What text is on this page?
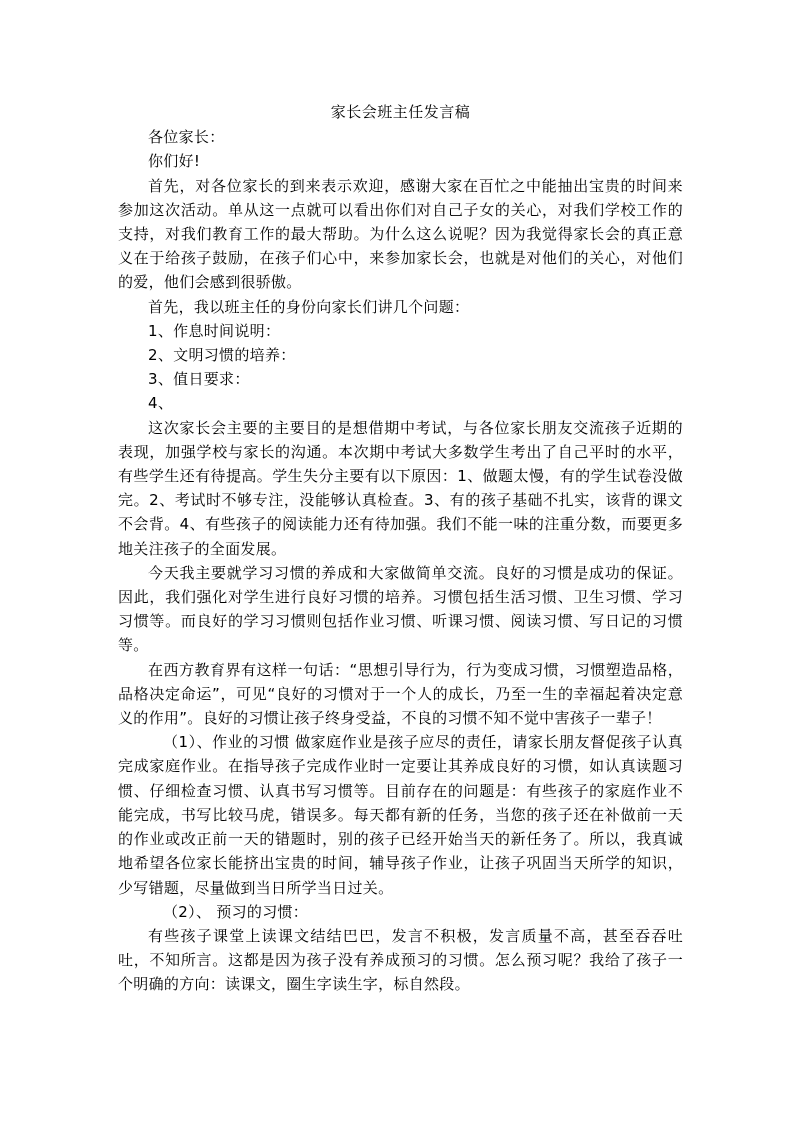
家长会班主任发言稿

各位家长：

你们好!

首先，对各位家长的到来表示欢迎，感谢大家在百忙之中能抽出宝贵的时间来参加这次活动。单从这一点就可以看出你们对自己子女的关心，对我们学校工作的支持，对我们教育工作的最大帮助。为什么这么说呢？因为我觉得家长会的真正意义在于给孩子鼓励，在孩子们心中，来参加家长会，也就是对他们的关心，对他们的爱，他们会感到很骄傲。

首先，我以班主任的身份向家长们讲几个问题：

1、作息时间说明：

2、文明习惯的培养：

3、值日要求：

4、

这次家长会主要的主要目的是想借期中考试，与各位家长朋友交流孩子近期的表现，加强学校与家长的沟通。本次期中考试大多数学生考出了自己平时的水平，有些学生还有待提高。学生失分主要有以下原因：1、做题太慢，有的学生试卷没做完。2、考试时不够专注，没能够认真检查。3、有的孩子基础不扎实，该背的课文不会背。4、有些孩子的阅读能力还有待加强。我们不能一味的注重分数，而要更多地关注孩子的全面发展。

今天我主要就学习习惯的养成和大家做简单交流。良好的习惯是成功的保证。因此，我们强化对学生进行良好习惯的培养。习惯包括生活习惯、卫生习惯、学习习惯等。而良好的学习习惯则包括作业习惯、听课习惯、阅读习惯、写日记的习惯等。

在西方教育界有这样一句话：“思想引导行为，行为变成习惯，习惯塑造品格，品格决定命运”，可见“良好的习惯对于一个人的成长，乃至一生的幸福起着决定意义的作用”。良好的习惯让孩子终身受益，不良的习惯不知不觉中害孩子一辈子！

（1）、作业的习惯 做家庭作业是孩子应尽的责任，请家长朋友督促孩子认真完成家庭作业。在指导孩子完成作业时一定要让其养成良好的习惯，如认真读题习惯、仔细检查习惯、认真书写习惯等。目前存在的问题是：有些孩子的家庭作业不能完成，书写比较马虎，错误多。每天都有新的任务，当您的孩子还在补做前一天的作业或改正前一天的错题时，别的孩子已经开始当天的新任务了。所以，我真诚地希望各位家长能挤出宝贵的时间，辅导孩子作业，让孩子巩固当天所学的知识，少写错题，尽量做到当日所学当日过关。

（2）、 预习的习惯：

有些孩子课堂上读课文结结巴巴，发言不积极，发言质量不高，甚至吞吞吐吐，不知所言。这都是因为孩子没有养成预习的习惯。怎么预习呢？我给了孩子一个明确的方向：读课文，圈生字读生字，标自然段。
